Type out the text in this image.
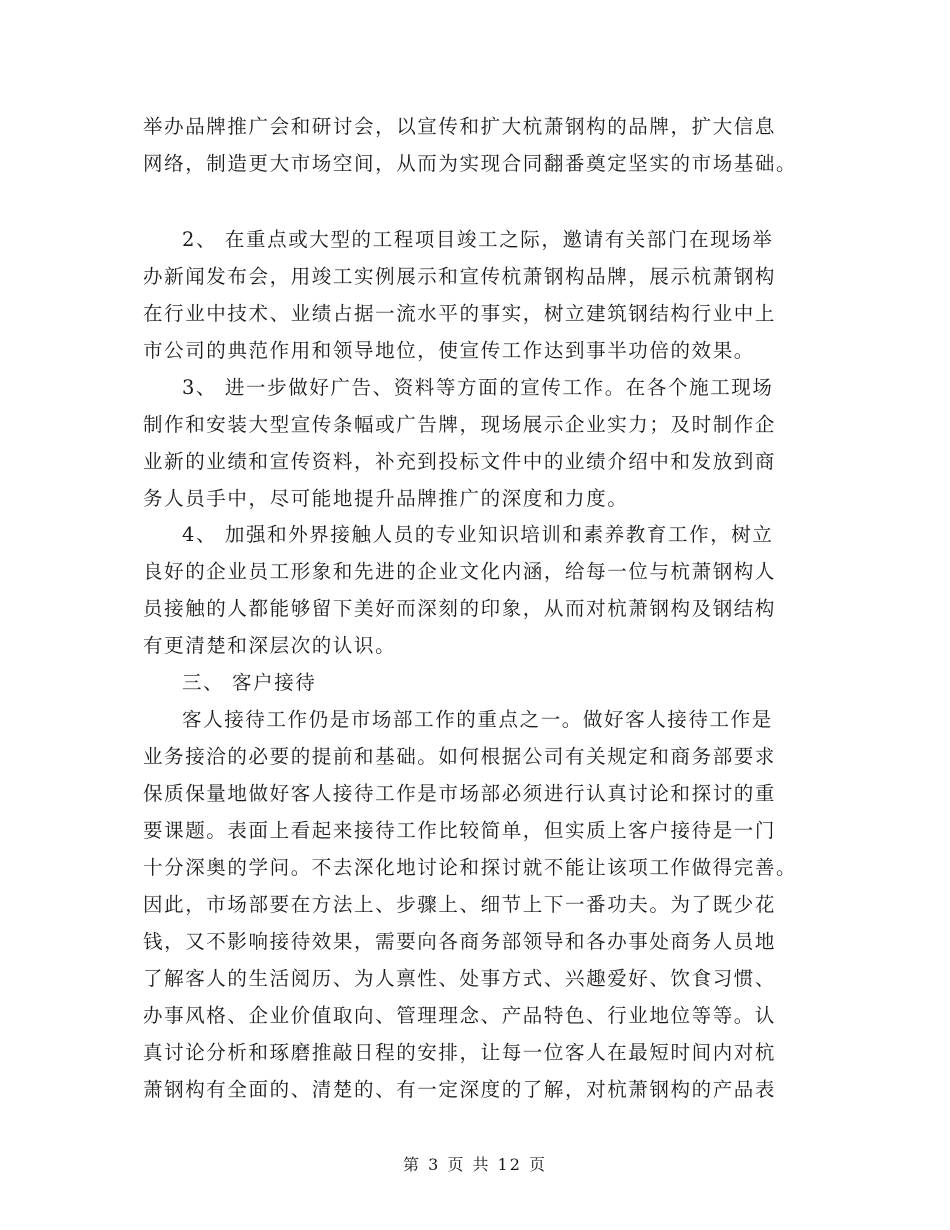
举办品牌推广会和研讨会，以宣传和扩大杭萧钢构的品牌，扩大信息
网络，制造更大市场空间，从而为实现合同翻番奠定坚实的市场基础。
2、 在重点或大型的工程项目竣工之际，邀请有关部门在现场举
办新闻发布会，用竣工实例展示和宣传杭萧钢构品牌，展示杭萧钢构
在行业中技术、业绩占据一流水平的事实，树立建筑钢结构行业中上
市公司的典范作用和领导地位，使宣传工作达到事半功倍的效果。
3、 进一步做好广告、资料等方面的宣传工作。在各个施工现场
制作和安装大型宣传条幅或广告牌，现场展示企业实力；及时制作企
业新的业绩和宣传资料，补充到投标文件中的业绩介绍中和发放到商
务人员手中，尽可能地提升品牌推广的深度和力度。
4、 加强和外界接触人员的专业知识培训和素养教育工作，树立
良好的企业员工形象和先进的企业文化内涵，给每一位与杭萧钢构人
员接触的人都能够留下美好而深刻的印象，从而对杭萧钢构及钢结构
有更清楚和深层次的认识。
三、 客户接待
客人接待工作仍是市场部工作的重点之一。做好客人接待工作是
业务接洽的必要的提前和基础。如何根据公司有关规定和商务部要求
保质保量地做好客人接待工作是市场部必须进行认真讨论和探讨的重
要课题。表面上看起来接待工作比较简单，但实质上客户接待是一门
十分深奥的学问。不去深化地讨论和探讨就不能让该项工作做得完善。
因此，市场部要在方法上、步骤上、细节上下一番功夫。为了既少花
钱，又不影响接待效果，需要向各商务部领导和各办事处商务人员地
了解客人的生活阅历、为人禀性、处事方式、兴趣爱好、饮食习惯、
办事风格、企业价值取向、管理理念、产品特色、行业地位等等。认
真讨论分析和琢磨推敲日程的安排，让每一位客人在最短时间内对杭
萧钢构有全面的、清楚的、有一定深度的了解，对杭萧钢构的产品表
第 3 页 共 12 页
